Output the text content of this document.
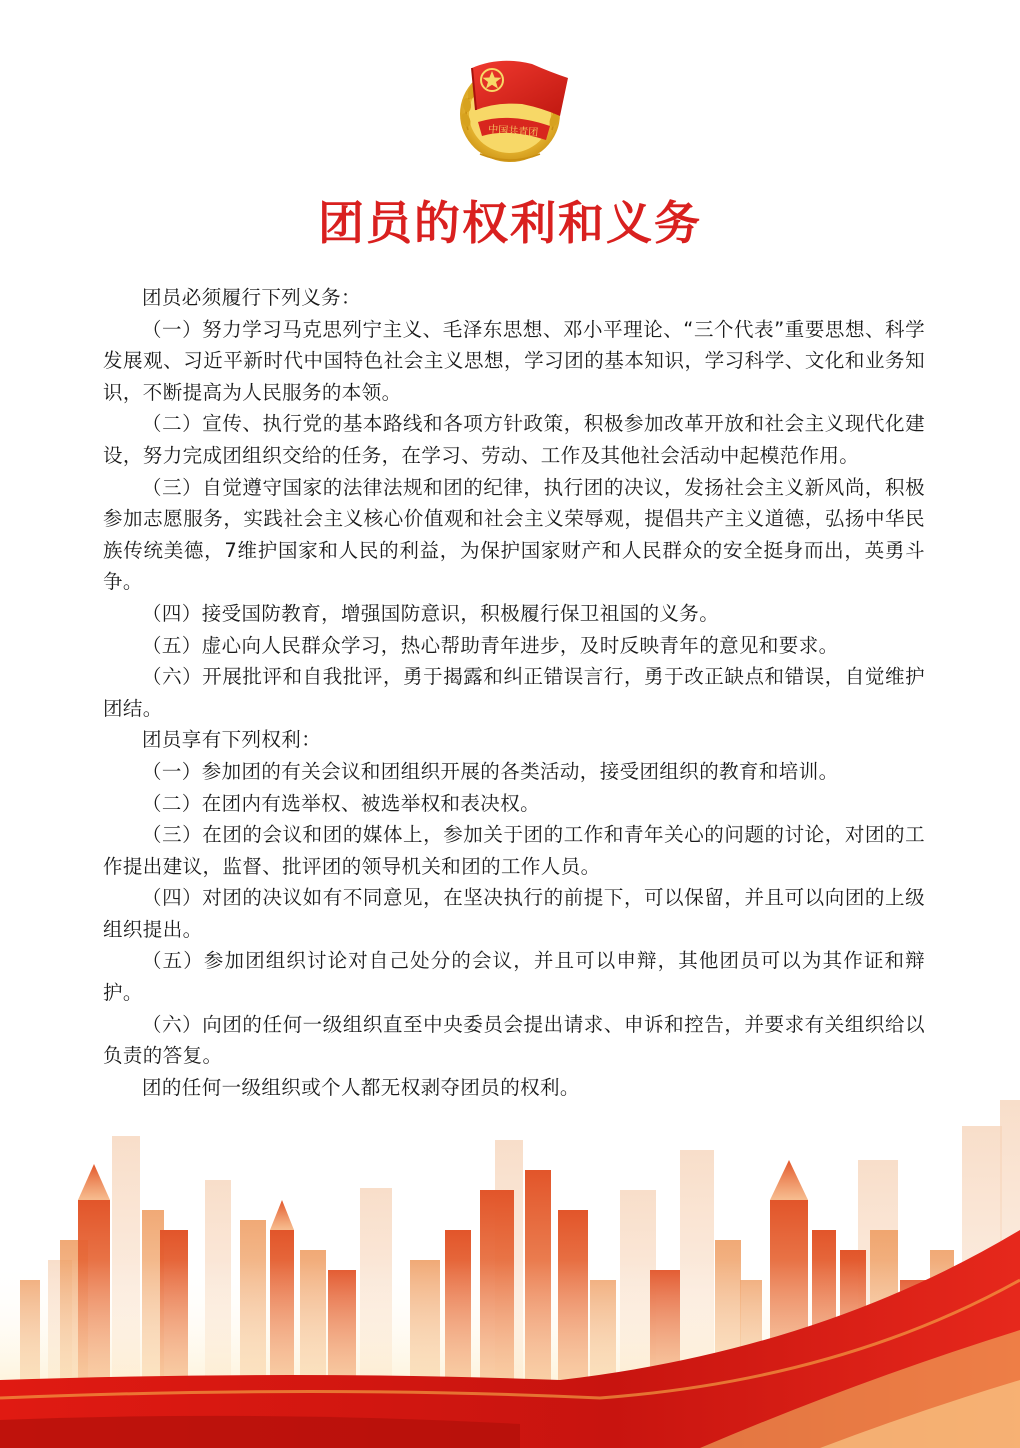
中国共青团
团员的权利和义务

团员必须履行下列义务：

（一）努力学习马克思列宁主义、毛泽东思想、邓小平理论、“三个代表”重要思想、科学发展观、习近平新时代中国特色社会主义思想，学习团的基本知识，学习科学、文化和业务知识，不断提高为人民服务的本领。

（二）宣传、执行党的基本路线和各项方针政策，积极参加改革开放和社会主义现代化建设，努力完成团组织交给的任务，在学习、劳动、工作及其他社会活动中起模范作用。

（三）自觉遵守国家的法律法规和团的纪律，执行团的决议，发扬社会主义新风尚，积极参加志愿服务，实践社会主义核心价值观和社会主义荣辱观，提倡共产主义道德，弘扬中华民族传统美德，7维护国家和人民的利益，为保护国家财产和人民群众的安全挺身而出，英勇斗争。

（四）接受国防教育，增强国防意识，积极履行保卫祖国的义务。

（五）虚心向人民群众学习，热心帮助青年进步，及时反映青年的意见和要求。

（六）开展批评和自我批评，勇于揭露和纠正错误言行，勇于改正缺点和错误，自觉维护团结。

团员享有下列权利：

（一）参加团的有关会议和团组织开展的各类活动，接受团组织的教育和培训。

（二）在团内有选举权、被选举权和表决权。

（三）在团的会议和团的媒体上，参加关于团的工作和青年关心的问题的讨论，对团的工作提出建议，监督、批评团的领导机关和团的工作人员。

（四）对团的决议如有不同意见，在坚决执行的前提下，可以保留，并且可以向团的上级组织提出。

（五）参加团组织讨论对自己处分的会议，并且可以申辩，其他团员可以为其作证和辩护。

（六）向团的任何一级组织直至中央委员会提出请求、申诉和控告，并要求有关组织给以负责的答复。

团的任何一级组织或个人都无权剥夺团员的权利。
